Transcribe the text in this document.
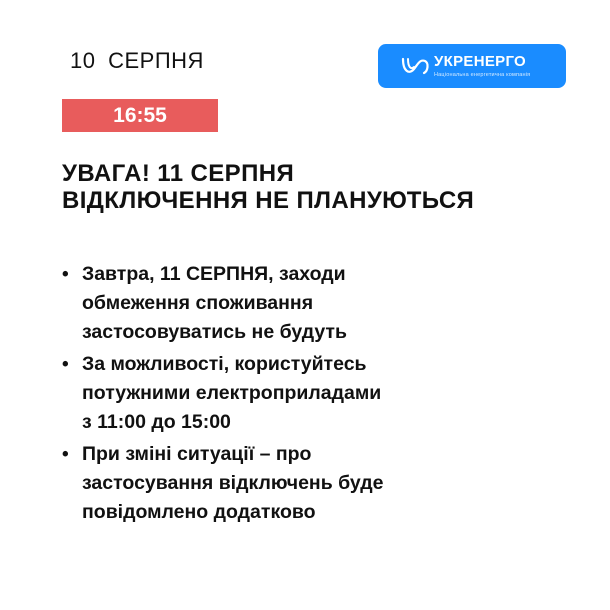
10 СЕРПНЯ	УКРЕНЕРГО
Національна енергетична компанія
16:55
УВАГА! 11 СЕРПНЯ
ВІДКЛЮЧЕННЯ НЕ ПЛАНУЮТЬСЯ
• Завтра, 11 СЕРПНЯ, заходи
обмеження споживання
застосовуватись не будуть
• За можливості, користуйтесь
потужними електроприладами
з 11:00 до 15:00
• При зміні ситуації – про
застосування відключень буде
повідомлено додатково
